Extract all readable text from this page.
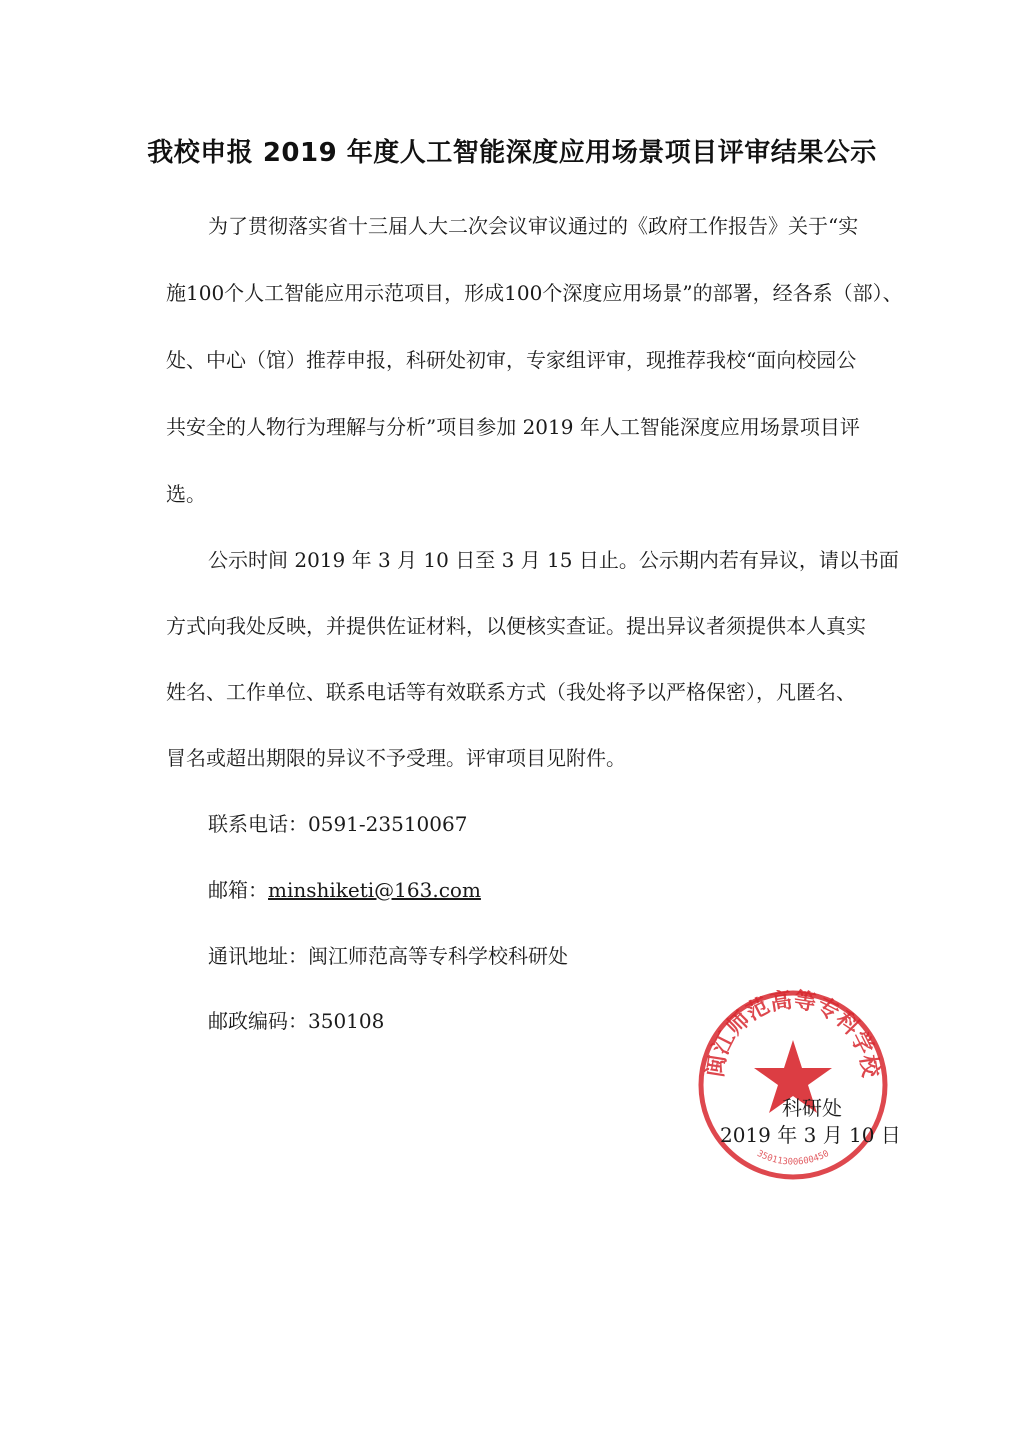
我校申报 2019 年度人工智能深度应用场景项目评审结果公示
为了贯彻落实省十三届人大二次会议审议通过的《政府工作报告》关于“实
施100个人工智能应用示范项目，形成100个深度应用场景”的部署，经各系（部）、
处、中心（馆）推荐申报，科研处初审，专家组评审，现推荐我校“面向校园公
共安全的人物行为理解与分析”项目参加 2019 年人工智能深度应用场景项目评
选。
公示时间 2019 年 3 月 10 日至 3 月 15 日止。公示期内若有异议，请以书面
方式向我处反映，并提供佐证材料，以便核实查证。提出异议者须提供本人真实
姓名、工作单位、联系电话等有效联系方式（我处将予以严格保密），凡匿名、
冒名或超出期限的异议不予受理。评审项目见附件。
联系电话：0591-23510067
邮箱：minshiketi@163.com
通讯地址：闽江师范高等专科学校科研处
邮政编码：350108
闽江师范高等专科学校
35011300600450
科研处
2019 年 3 月 10 日
